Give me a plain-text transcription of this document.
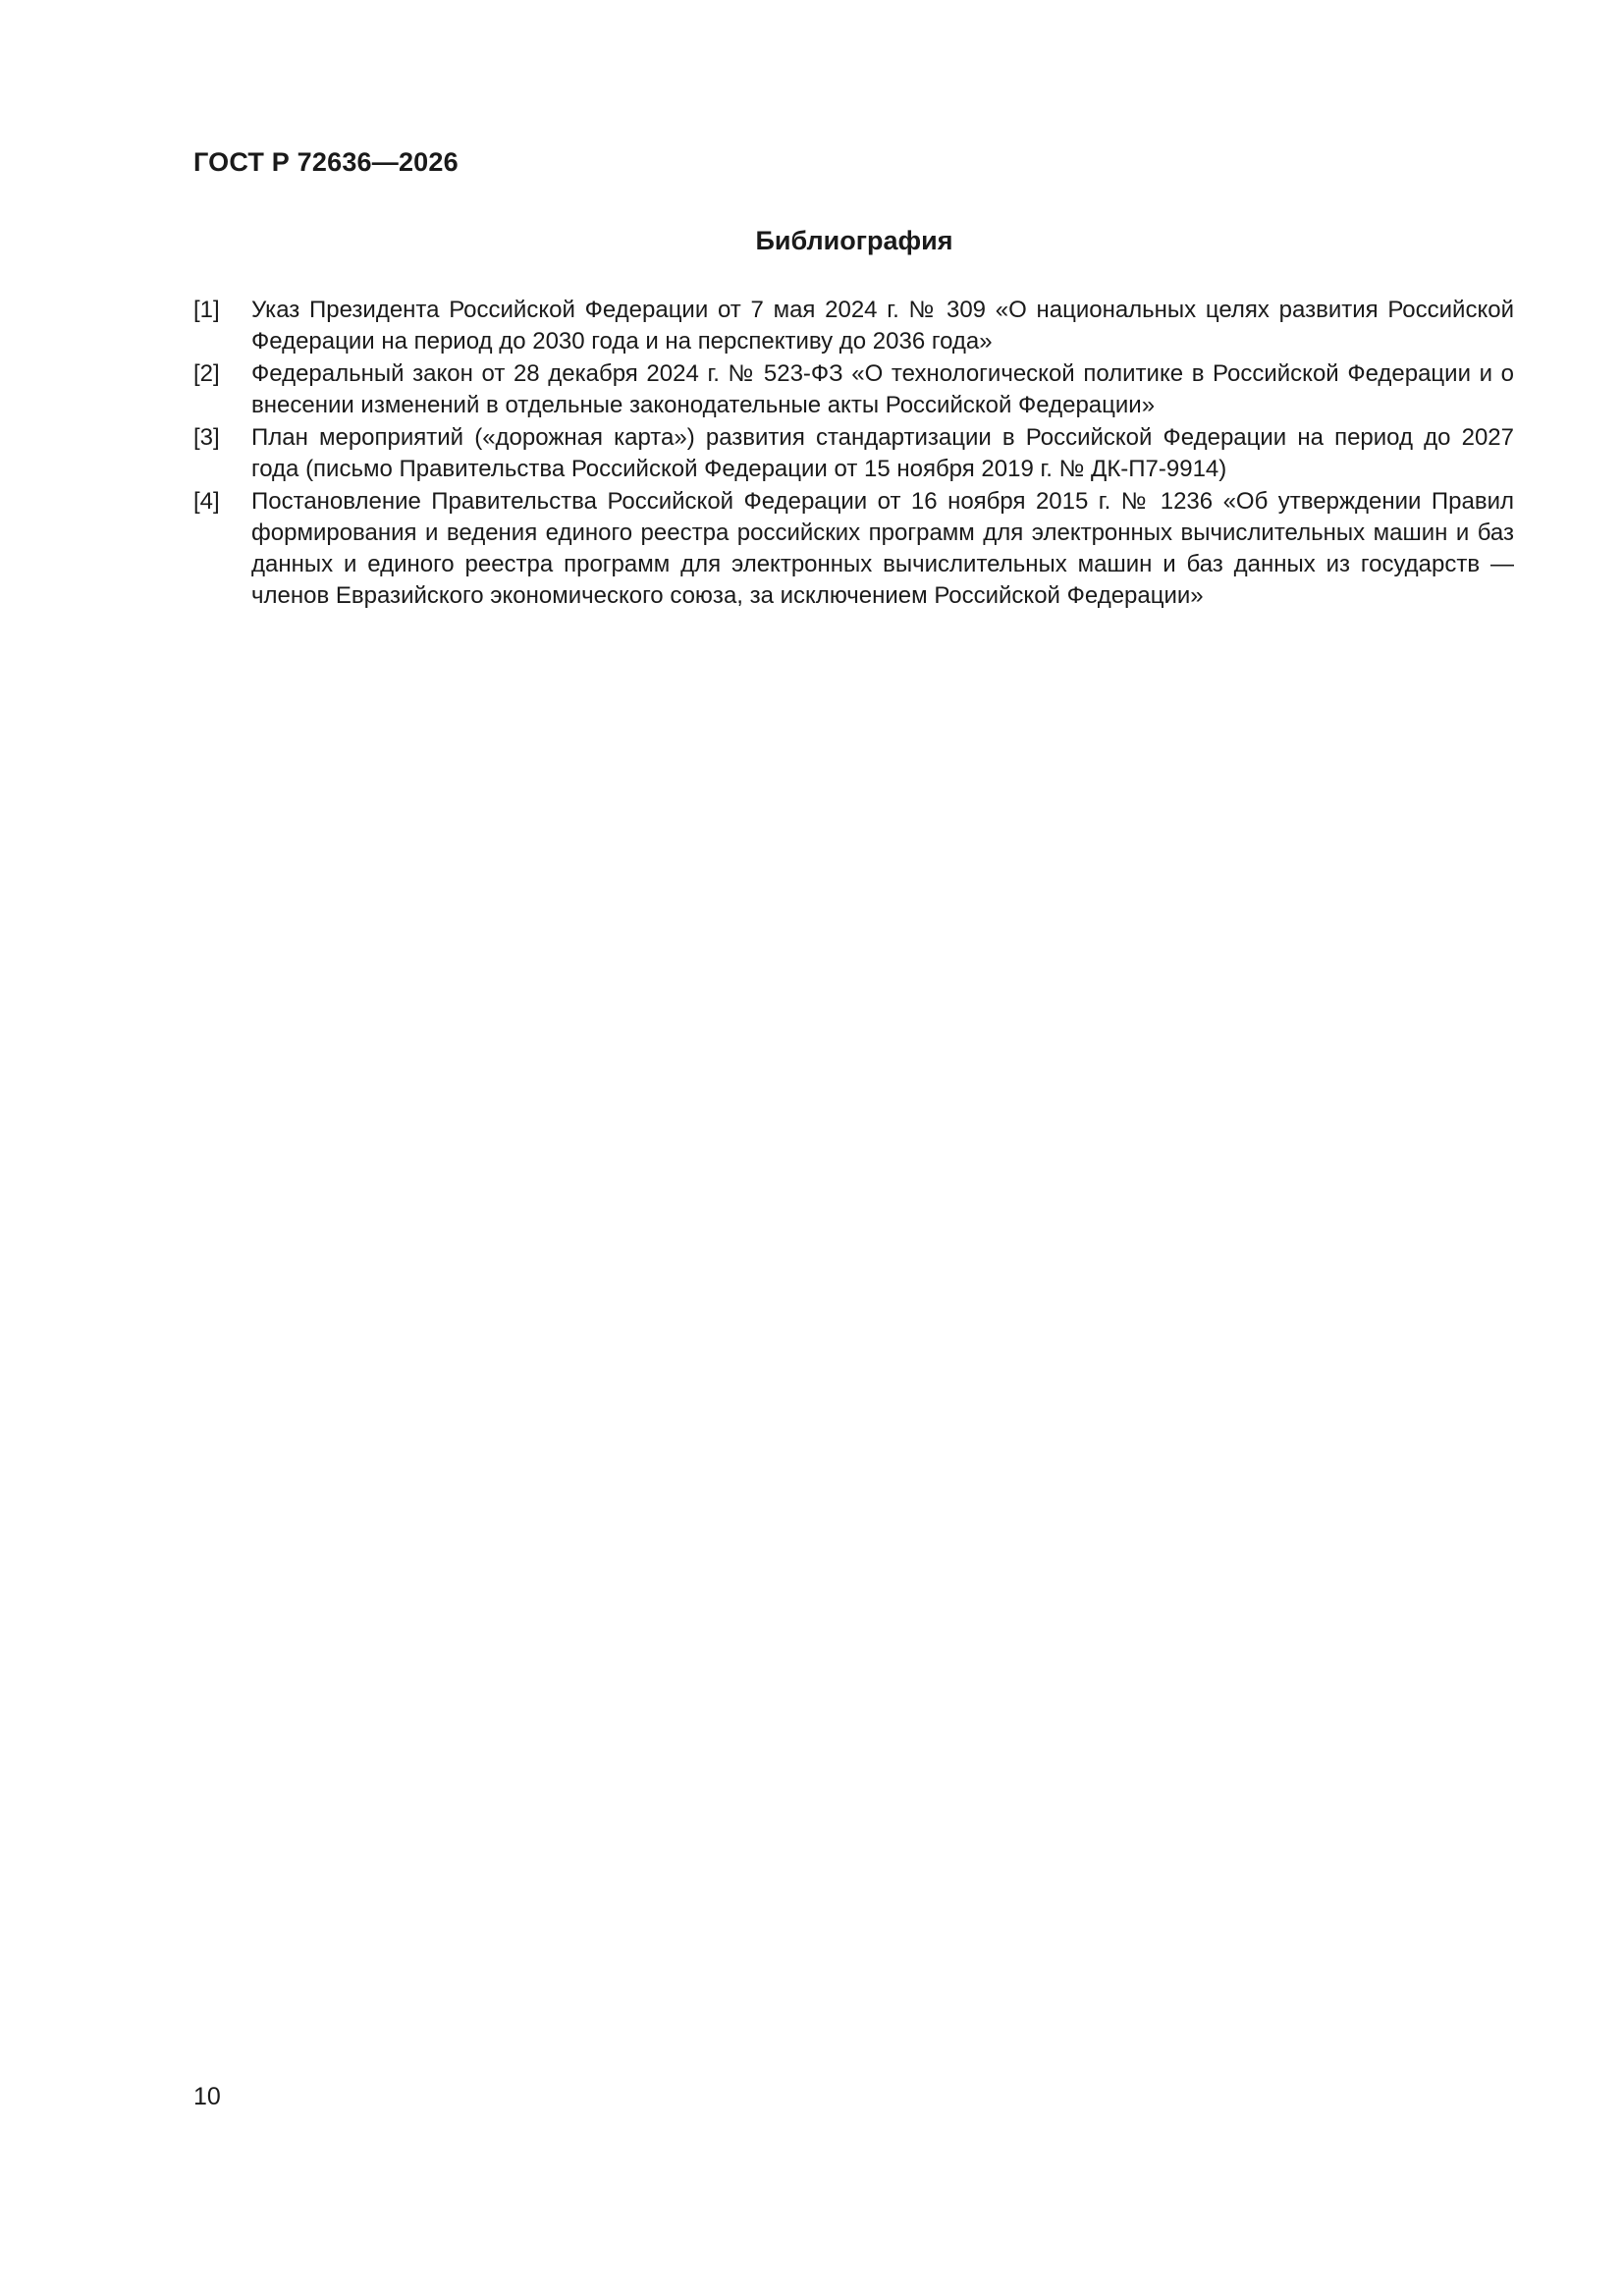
ГОСТ Р 72636—2026
Библиография
[1]	Указ Президента Российской Федерации от 7 мая 2024 г. № 309 «О национальных целях развития Российской Федерации на период до 2030 года и на перспективу до 2036 года»
[2]	Федеральный закон от 28 декабря 2024 г. № 523-ФЗ «О технологической политике в Российской Федерации и о внесении изменений в отдельные законодательные акты Российской Федерации»
[3]	План мероприятий («дорожная карта») развития стандартизации в Российской Федерации на период до 2027 года (письмо Правительства Российской Федерации от 15 ноября 2019 г. № ДК-П7-9914)
[4]	Постановление Правительства Российской Федерации от 16 ноября 2015 г. № 1236 «Об утверждении Правил формирования и ведения единого реестра российских программ для электронных вычислительных машин и баз данных и единого реестра программ для электронных вычислительных машин и баз данных из государств — членов Евразийского экономического союза, за исключением Российской Федерации»
10
